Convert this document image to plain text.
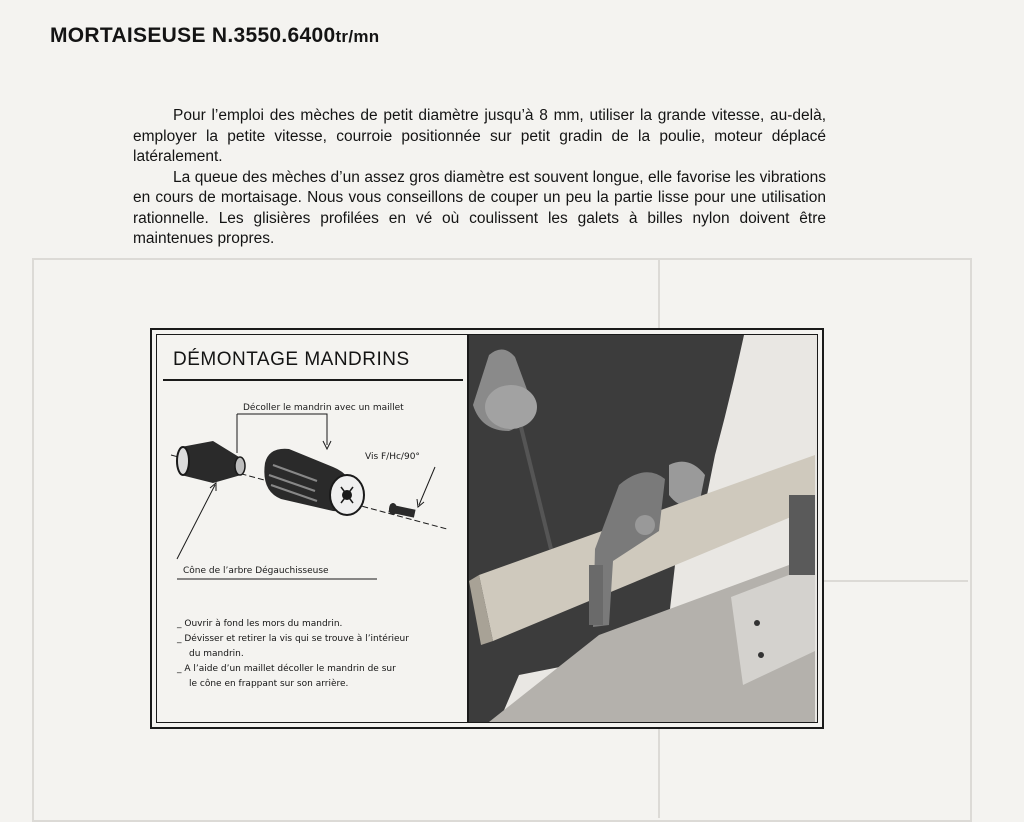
MORTAISEUSE N.3550.6400tr/mn

Pour l’emploi des mèches de petit diamètre jusqu’à 8 mm, utiliser la grande vitesse, au-delà, employer la petite vitesse, courroie positionnée sur petit gradin de la poulie, moteur déplacé latéralement.

La queue des mèches d’un assez gros diamètre est souvent longue, elle favorise les vibrations en cours de mortaisage. Nous vous conseillons de couper un peu la partie lisse pour une utilisation rationnelle. Les glisières profilées en vé où coulissent les galets à billes nylon doivent être maintenues propres.

DÉMONTAGE MANDRINS
Décoller le mandrin avec un maillet
Vis F/Hc/90°
Cône de l’arbre Dégauchisseuse
_ Ouvrir à fond les mors du mandrin.
_ Dévisser et retirer la vis qui se trouve à l’intérieur
du mandrin.
_ A l’aide d’un maillet décoller le mandrin de sur
le cône en frappant sur son arrière.
